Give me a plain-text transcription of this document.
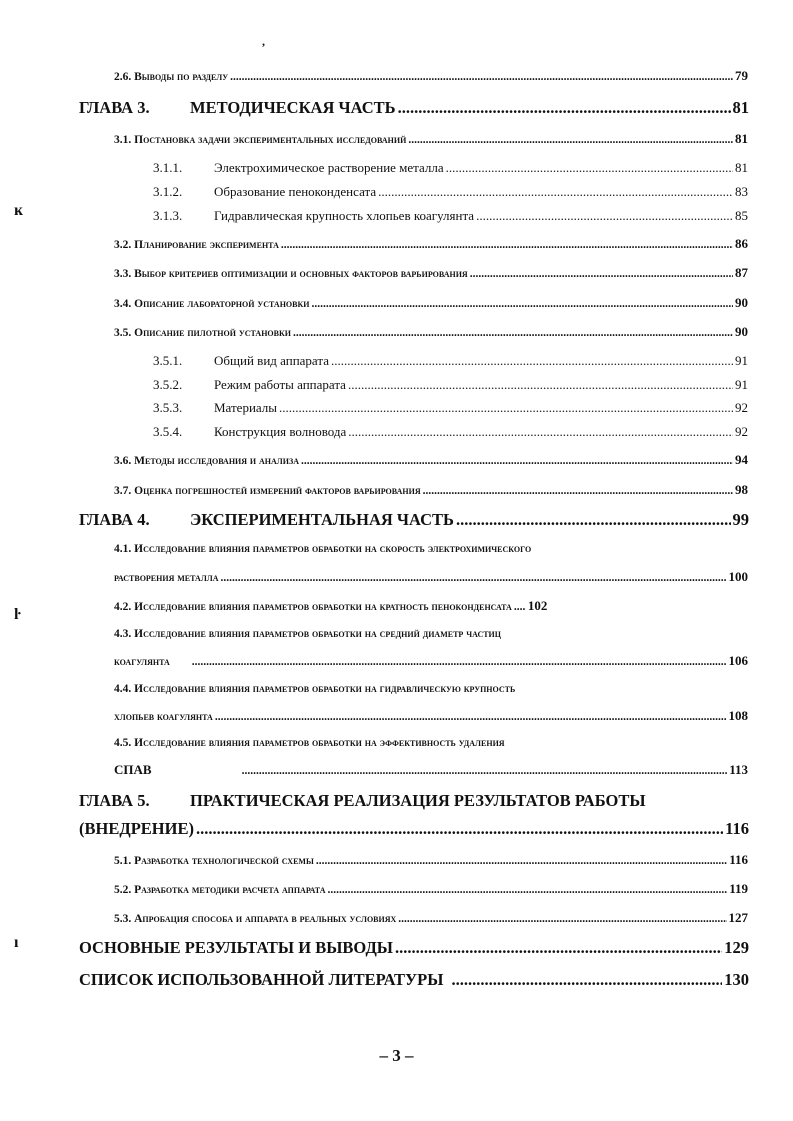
,
ĸ
ŀ
ı
2.6. Выводы по разделу .....	79
ГЛАВА 3. МЕТОДИЧЕСКАЯ ЧАСТЬ .....	81
3.1. Постановка задачи экспериментальных исследований .....	81
3.1.1. Электрохимическое растворение металла .....	81
3.1.2. Образование пеноконденсата .....	83
3.1.3. Гидравлическая крупность хлопьев коагулянта .....	85
3.2. Планирование эксперимента .....	86
3.3. Выбор критериев оптимизации и основных факторов варьирования .....	87
3.4. Описание лабораторной установки .....	90
3.5. Описание пилотной установки .....	90
3.5.1. Общий вид аппарата .....	91
3.5.2. Режим работы аппарата .....	91
3.5.3. Материалы .....	92
3.5.4. Конструкция волновода .....	92
3.6. Методы исследования и анализа .....	94
3.7. Оценка погрешностей измерений факторов варьирования .....	98
ГЛАВА 4. ЭКСПЕРИМЕНТАЛЬНАЯ ЧАСТЬ .....	99
4.1. Исследование влияния параметров обработки на скорость электрохимического
растворения металла .....	100
4.2. Исследование влияния параметров обработки на кратность пеноконденсата ..... 102
4.3. Исследование влияния параметров обработки на средний диаметр частиц
коагулянта .....	106
4.4. Исследование влияния параметров обработки на гидравлическую крупность
хлопьев коагулянта .....	108
4.5. Исследование влияния параметров обработки на эффективность удаления
СПАВ .....	113
ГЛАВА 5. ПРАКТИЧЕСКАЯ РЕАЛИЗАЦИЯ РЕЗУЛЬТАТОВ РАБОТЫ
(ВНЕДРЕНИЕ) .....	116
5.1. Разработка технологической схемы .....	116
5.2. Разработка методики расчета аппарата .....	119
5.3. Апробация способа и аппарата в реальных условиях .....	127
ОСНОВНЫЕ РЕЗУЛЬТАТЫ И ВЫВОДЫ .....	129
СПИСОК ИСПОЛЬЗОВАННОЙ ЛИТЕРАТУРЫ .....	130
– 3 –
